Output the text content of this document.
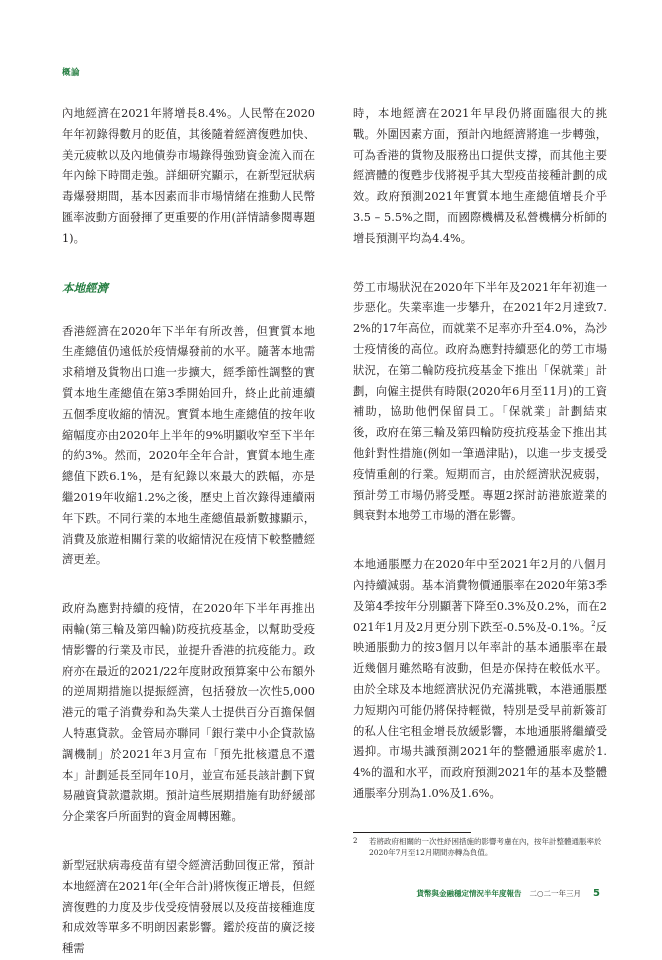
概論

內地經濟在2021年將增長8.4%。人民幣在2020年年初錄得數月的貶值，其後隨着經濟復甦加快、美元疲軟以及內地債券市場錄得強勁資金流入而在年內餘下時間走強。詳細研究顯示，在新型冠狀病毒爆發期間，基本因素而非市場情緒在推動人民幣匯率波動方面發揮了更重要的作用(詳情請參閱專題1)。

本地經濟

香港經濟在2020年下半年有所改善，但實質本地生產總值仍遠低於疫情爆發前的水平。隨著本地需求稍增及貨物出口進一步擴大，經季節性調整的實質本地生產總值在第3季開始回升，終止此前連續五個季度收縮的情況。實質本地生產總值的按年收縮幅度亦由2020年上半年的9%明顯收窄至下半年的約3%。然而，2020年全年合計，實質本地生產總值下跌6.1%，是有紀錄以來最大的跌幅，亦是繼2019年收縮1.2%之後，歷史上首次錄得連續兩年下跌。不同行業的本地生產總值最新數據顯示，消費及旅遊相關行業的收縮情況在疫情下較整體經濟更差。

政府為應對持續的疫情，在2020年下半年再推出兩輪(第三輪及第四輪)防疫抗疫基金，以幫助受疫情影響的行業及市民，並提升香港的抗疫能力。政府亦在最近的2021/22年度財政預算案中公布額外的逆周期措施以提振經濟，包括發放一次性5,000港元的電子消費券和為失業人士提供百分百擔保個人特惠貸款。金管局亦聯同「銀行業中小企貸款協調機制」於2021年3月宣布「預先批核還息不還本」計劃延長至同年10月，並宣布延長該計劃下貿易融資貸款還款期。預計這些展期措施有助紓緩部分企業客戶所面對的資金周轉困難。

新型冠狀病毒疫苗有望令經濟活動回復正常，預計本地經濟在2021年(全年合計)將恢復正增長，但經濟復甦的力度及步伐受疫情發展以及疫苗接種進度和成效等單多不明朗因素影響。鑑於疫苗的廣泛接種需

時，本地經濟在2021年早段仍將面臨很大的挑戰。外圍因素方面，預計內地經濟將進一步轉強，可為香港的貨物及服務出口提供支撐，而其他主要經濟體的復甦步伐將視乎其大型疫苗接種計劃的成效。政府預測2021年實質本地生產總值增長介乎3.5 – 5.5%之間，而國際機構及私營機構分析師的增長預測平均為4.4%。

勞工市場狀況在2020年下半年及2021年年初進一步惡化。失業率進一步攀升，在2021年2月達致7.2%的17年高位，而就業不足率亦升至4.0%，為沙士疫情後的高位。政府為應對持續惡化的勞工市場狀況，在第二輪防疫抗疫基金下推出「保就業」計劃，向僱主提供有時限(2020年6月至11月)的工資補助，協助他們保留員工。「保就業」計劃結束後，政府在第三輪及第四輪防疫抗疫基金下推出其他針對性措施(例如一筆過津貼)，以進一步支援受疫情重創的行業。短期而言，由於經濟狀況疲弱，預計勞工市場仍將受壓。專題2探討訪港旅遊業的興衰對本地勞工市場的潛在影響。

本地通脹壓力在2020年中至2021年2月的八個月內持續減弱。基本消費物價通脹率在2020年第3季及第4季按年分別顯著下降至0.3%及0.2%，而在2021年1月及2月更分別下跌至-0.5%及-0.1%。$^2$反映通脹動力的按3個月以年率計的基本通脹率在最近幾個月雖然略有波動，但是亦保持在較低水平。由於全球及本地經濟狀況仍充滿挑戰，本港通脹壓力短期內可能仍將保持輕微，特別是受早前新簽訂的私人住宅租金增長放緩影響，本地通脹將繼續受遏抑。市場共識預測2021年的整體通脹率處於1.4%的溫和水平，而政府預測2021年的基本及整體通脹率分別為1.0%及1.6%。

2	若將政府相關的一次性紓困措施的影響考慮在內，按年計整體通脹率於2020年7月至12月期間亦轉為負值。
貨幣與金融穩定情況半年度報告 二○二一年三月 5
